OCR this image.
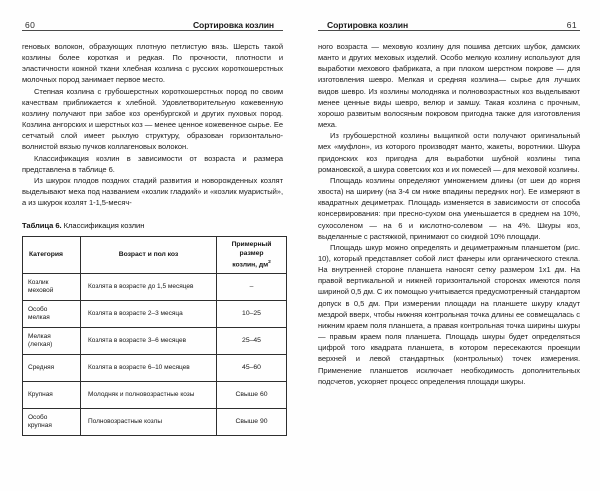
60	Сортировка козлин

геновых волокон, образующих плотную петлистую вязь. Шерсть такой козлины более короткая и редкая. По прочности, плотности и эластичности кожной ткани хлебная козлина с русских короткошерстных молочных пород занимает первое место.

Степная козлина с грубошерстных короткошерстных пород по своим качествам приближается к хлебной. Удовлетворительную кожевенную козлину получают при забое коз оренбургской и других пуховых пород. Козлина ангорских и шерстных коз — менее ценное кожевенное сырье. Ее сетчатый слой имеет рыхлую структуру, образован горизонтально-волнистой вязью пучков коллагеновых волокон.

Классификация козлин в зависимости от возраста и размера представлена в таблице 6.

Из шкурок плодов поздних стадий развития и новорожденных козлят выделывают меха под названием «козлик гладкий» и «козлик муаристый», а из шкурок козлят 1-1,5-месяч-

Таблица 6. Классификация козлин
Категория	Возраст и пол коз	Примерный
размер
козлин, $дм^2$
Козлик
меховой	Козлята в возрасте до 1,5 месяцев	–
Особо
мелкая	Козлята в возрасте 2–3 месяца	10–25
Мелкая
(легкая)	Козлята в возрасте 3–6 месяцев	25–45
Средняя	Козлята в возрасте 6–10 месяцев	45–60
Крупная	Молодняк и полновозрастные козы	Свыше 60
Особо
крупная	Полновозрастные козлы	Свыше 90
Сортировка козлин	61

ного возраста — меховую козлину для пошива детских шубок, дамских манто и других меховых изделий. Особо мелкую козлину используют для выработки мехового фабриката, а при плохом шерстном покрове — для изготовления шевро. Мелкая и средняя козлина— сырье для лучших видов шевро. Из козлины молодняка и полновозрастных коз выделывают менее ценные виды шевро, велюр и замшу. Такая козлина с прочным, хорошо развитым волосяным покровом пригодна также для изготовления меха.

Из грубошерстной козлины выщипкой ости получают оригинальный мех «муфлон», из которого производят манто, жакеты, воротники. Шкура придонских коз пригодна для выработки шубной козлины типа романовской, а шкура советских коз и их помесей — для меховой козлины.

Площадь козлины определяют умножением длины (от шеи до корня хвоста) на ширину (на 3-4 см ниже впадины передних ног). Ее измеряют в квадратных дециметрах. Площадь изменяется в зависимости от способа консервирования: при пресно-сухом она уменьшается в среднем на 10%, сухосоленом — на 6 и кислотно-солевом — на 4%. Шкуры коз, выделанные с растяжкой, принимают со скидкой 10% площади.

Площадь шкур можно определять и дециметражным планшетом (рис. 10), который представляет собой лист фанеры или органического стекла. На внутренней стороне планшета наносят сетку размером 1х1 дм. На правой вертикальной и нижней горизонтальной сторонах имеются поля шириной 0,5 дм. С их помощью учитывается предусмотренный стандартом допуск в 0,5 дм. При измерении площади на планшете шкуру кладут мездрой вверх, чтобы нижняя контрольная точка длины ее совмещалась с нижним краем поля планшета, а правая контрольная точка ширины шкуры — правым краем поля планшета. Площадь шкуры будет определяться цифрой того квадрата планшета, в котором пересекаются проекции верхней и левой стандартных (контрольных) точек измерения. Применение планшетов исключает необходимость дополнительных подсчетов, ускоряет процесс определения площади шкуры.
